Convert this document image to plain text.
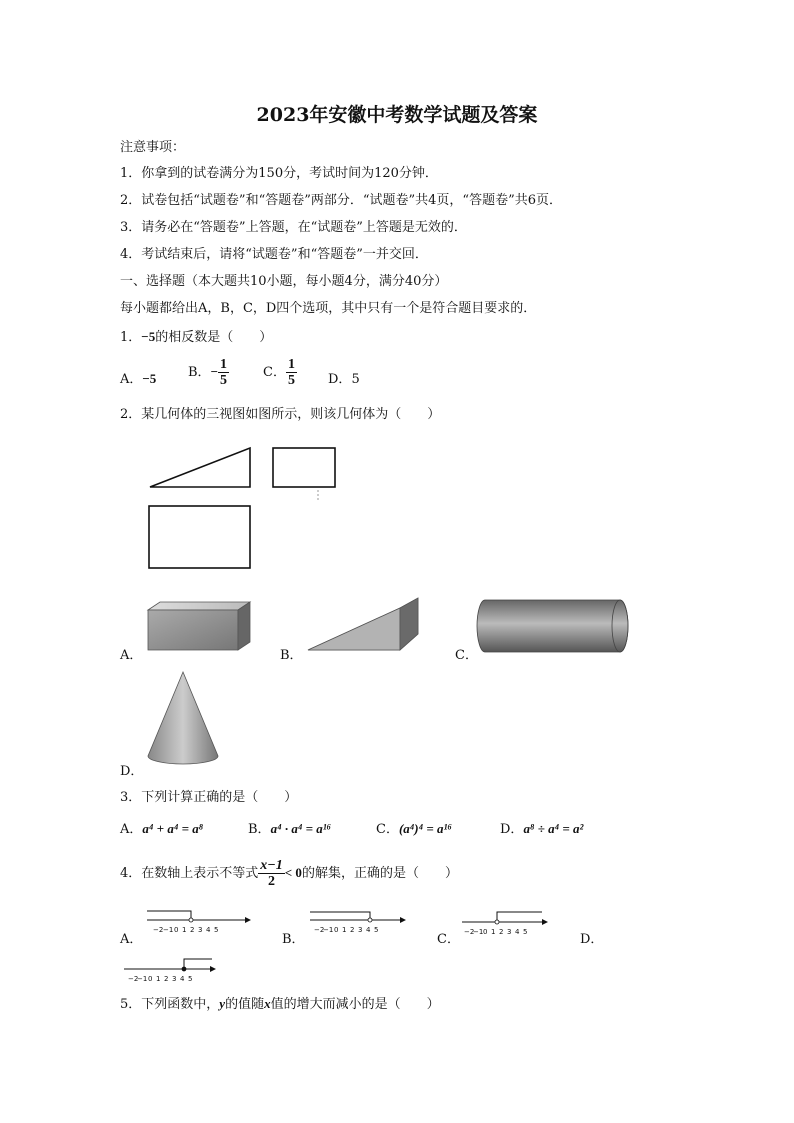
2023年安徽中考数学试题及答案
注意事项：
1．你拿到的试卷满分为150分，考试时间为120分钟．
2．试卷包括“试题卷”和“答题卷”两部分．“试题卷”共4页，“答题卷”共6页．
3．请务必在“答题卷”上答题，在“试题卷”上答题是无效的．
4．考试结束后，请将“试题卷”和“答题卷”一并交回．
一、选择题（本大题共10小题，每小题4分，满分40分）
每小题都给出A，B，C，D四个选项，其中只有一个是符合题目要求的．
1．−5的相反数是（　　）
A．−5 B．− $\frac{1}{5}$	C． $\frac{1}{5}$ D．5
2．某几何体的三视图如图所示，则该几何体为（　　）
A．	B．	C．
D．
3．下列计算正确的是（　　）
A．a⁴ + a⁴ = a⁸	B．a⁴ · a⁴ = a¹⁶	C．(a⁴)⁴ = a¹⁶	D．a⁸ ÷ a⁴ = a²
4．在数轴上表示不等式 $\frac{x-1}{2} < 0$的解集，正确的是（　　）
A．
−2 −1 0 1 2 3 4 5
B．
−2
−1 0 1 2 3 4 5
C． −2
−1 0 1 2 3 4 5	D．
−2
−1 0 1 2 3 4 5
5．下列函数中，y的值随x值的增大而减小的是（　　）
